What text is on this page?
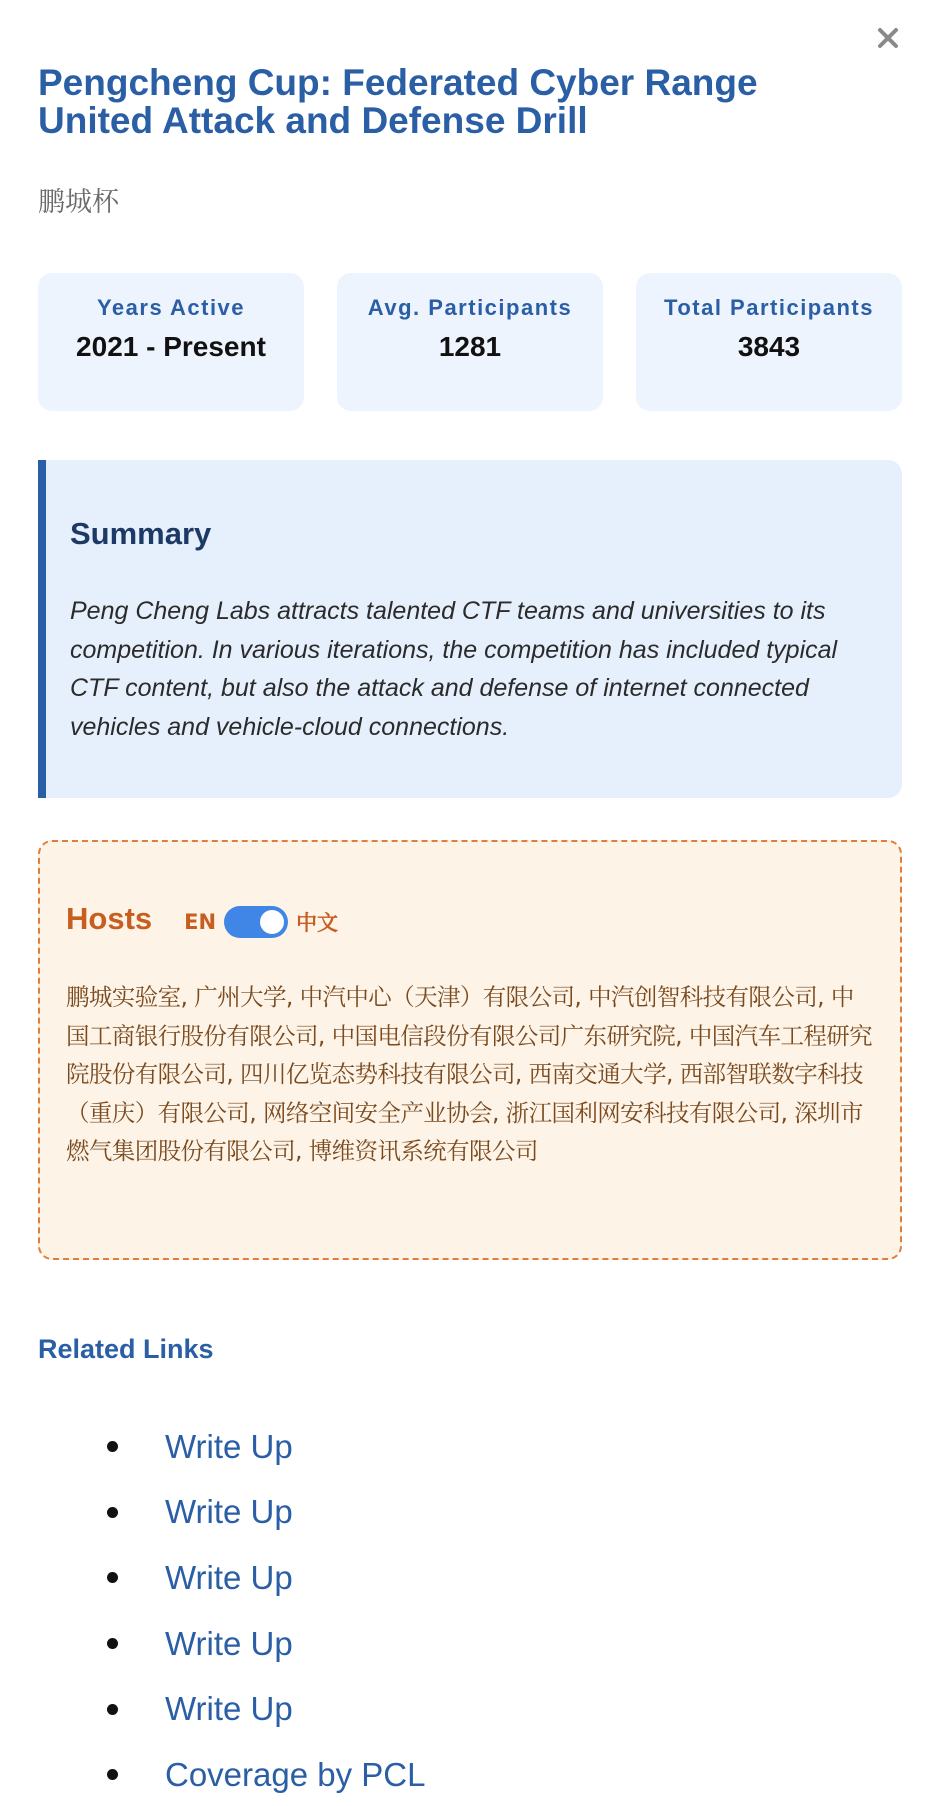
Pengcheng Cup: Federated Cyber Range United Attack and Defense Drill
鹏城杯
Years Active
2021 - Present
Avg. Participants
1281
Total Participants
3843
Summary
Peng Cheng Labs attracts talented CTF teams and universities to its competition. In various iterations, the competition has included typical CTF content, but also the attack and defense of internet connected vehicles and vehicle-cloud connections.
Hosts EN	中文
鹏城实验室, 广州大学, 中汽中心（天津）有限公司, 中汽创智科技有限公司, 中国工商银行股份有限公司, 中国电信段份有限公司广东研究院, 中国汽车工程研究院股份有限公司, 四川亿览态势科技有限公司, 西南交通大学, 西部智联数字科技（重庆）有限公司, 网络空间安全产业协会, 浙江国利网安科技有限公司, 深圳市燃气集团股份有限公司, 博维资讯系统有限公司
Related Links
Write Up
Write Up
Write Up
Write Up
Write Up
Coverage by PCL
